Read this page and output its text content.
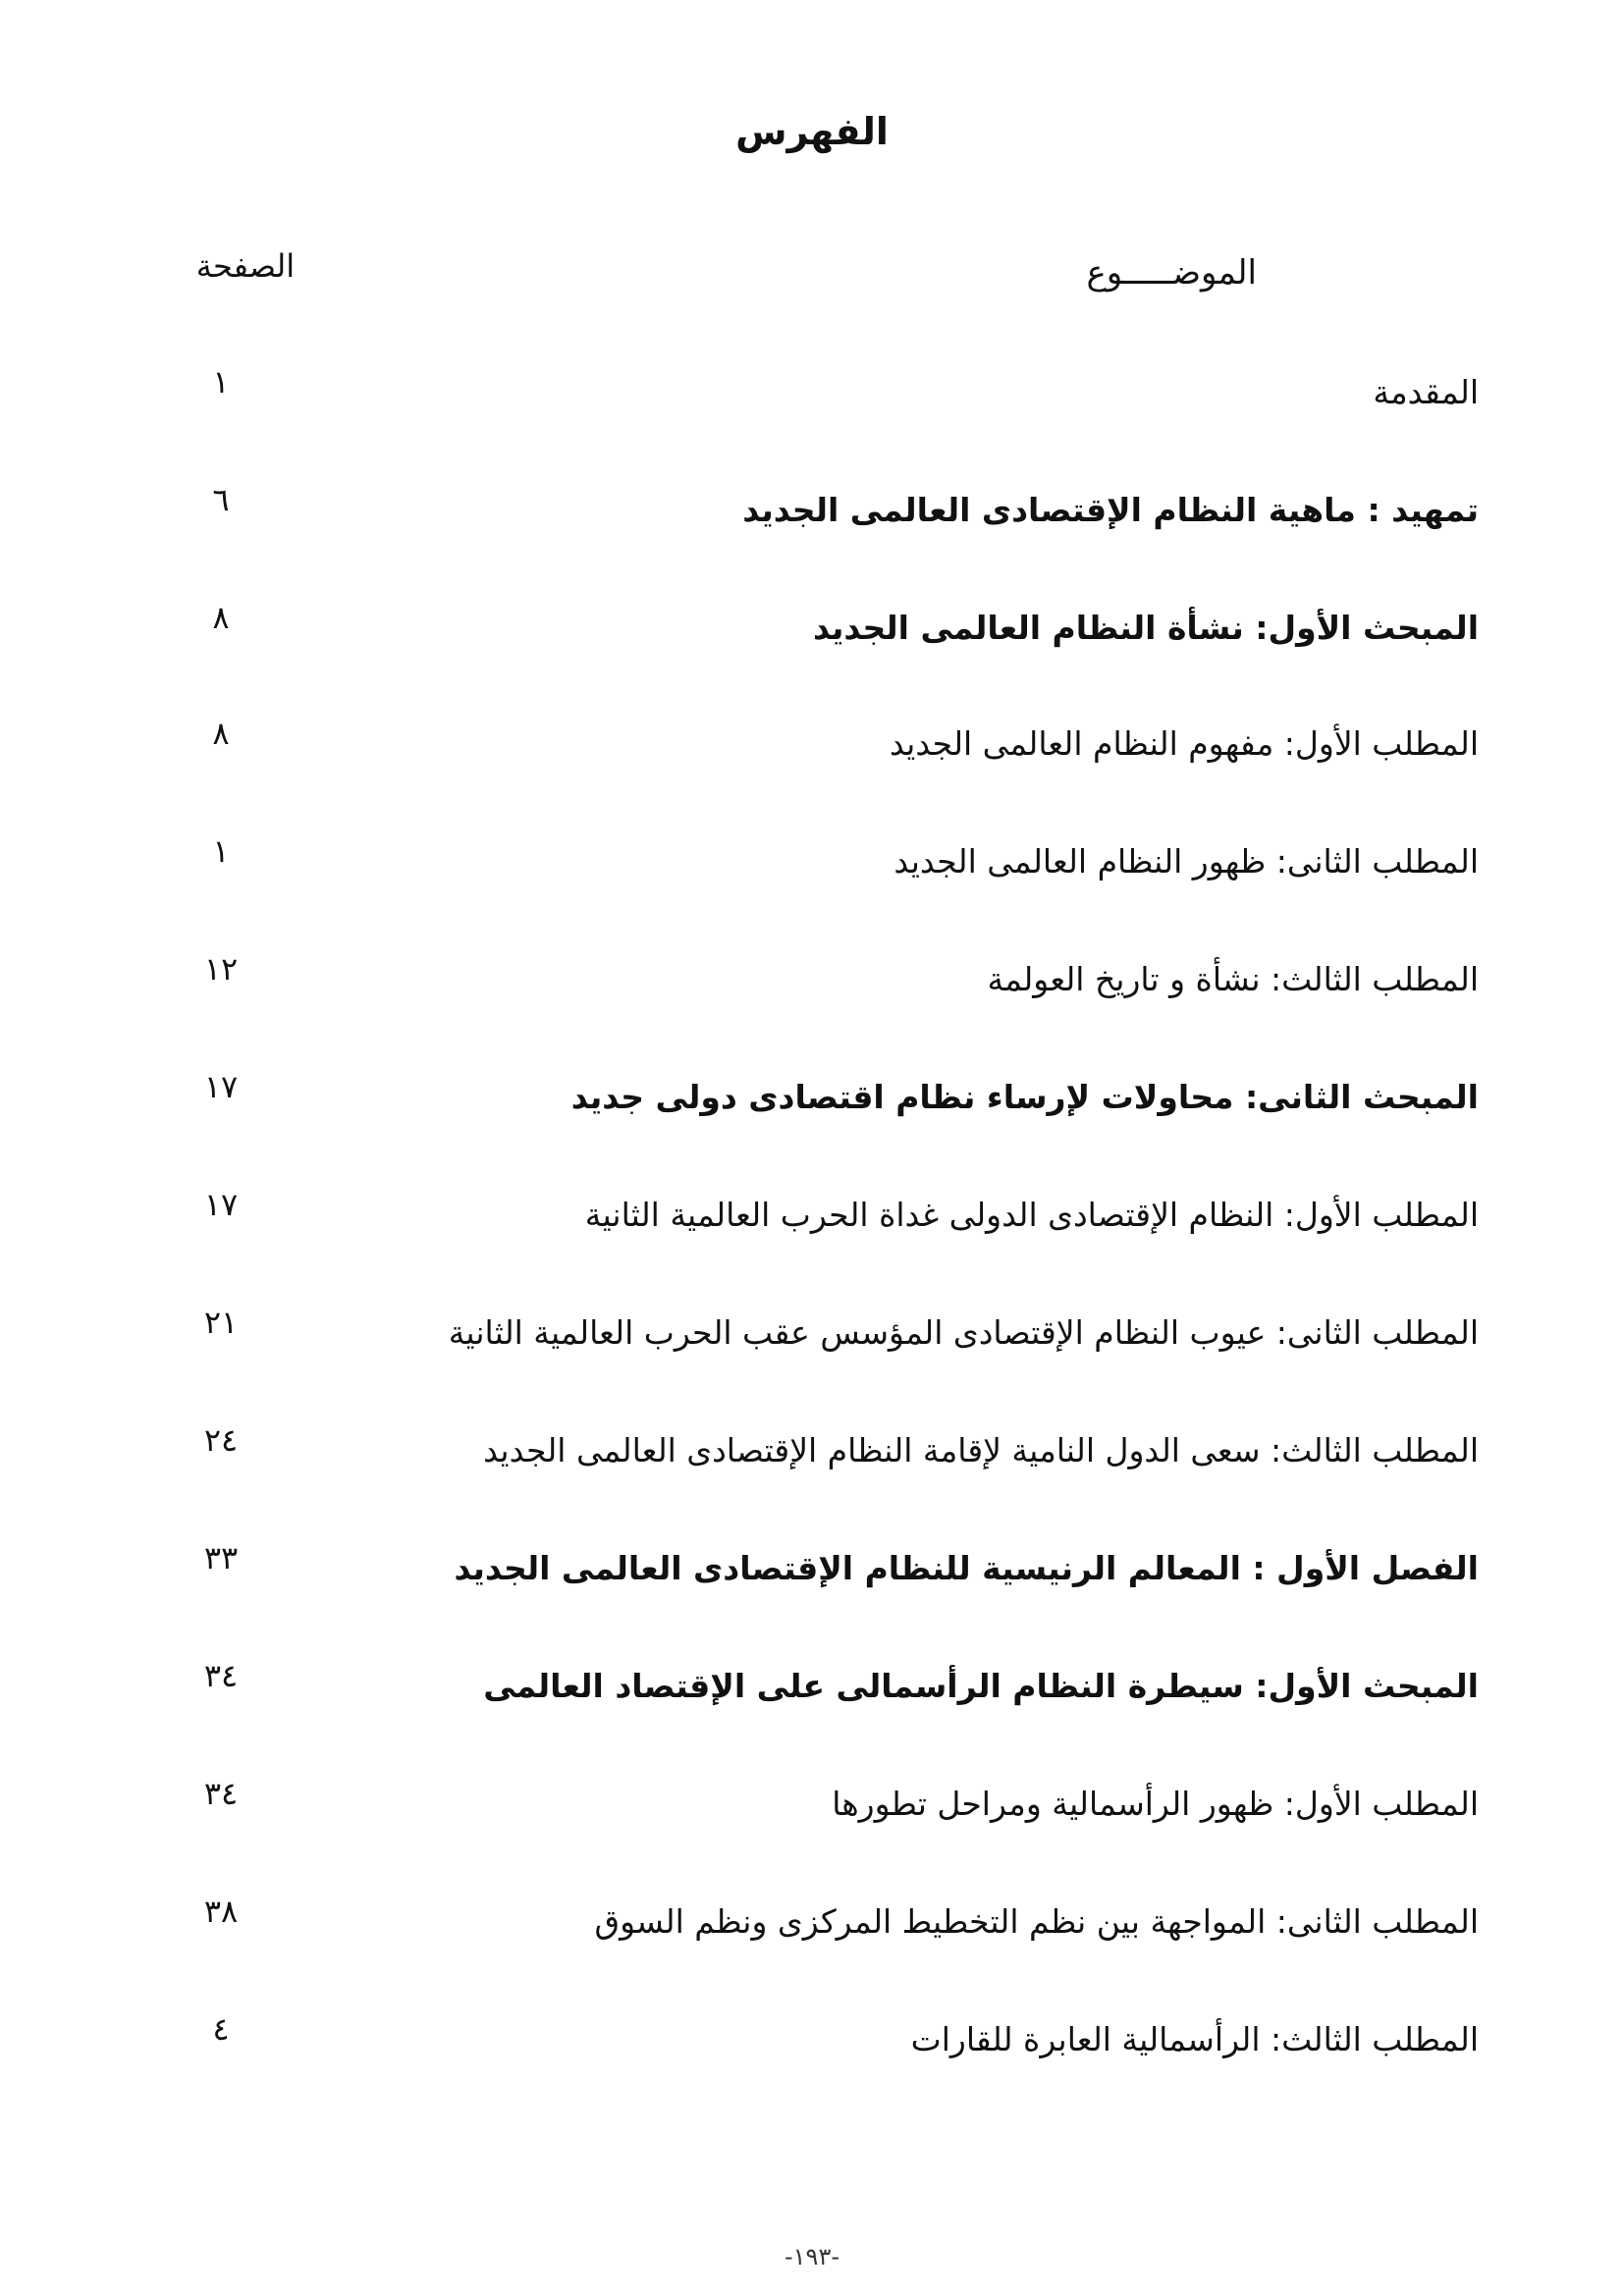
الفهرس
الموضـــــوع
الصفحة
المقدمة
١
تمهيد : ماهية النظام الإقتصادى العالمى الجديد
٦
المبحث الأول: نشأة النظام العالمى الجديد
٨
المطلب الأول: مفهوم النظام العالمى الجديد
٨
المطلب الثانى: ظهور النظام العالمى الجديد
١
المطلب الثالث: نشأة و تاريخ العولمة
١٢
المبحث الثانى: محاولات لإرساء نظام اقتصادى دولى جديد
١٧
المطلب الأول: النظام الإقتصادى الدولى غداة الحرب العالمية الثانية
١٧
المطلب الثانى: عيوب النظام الإقتصادى المؤسس عقب الحرب العالمية الثانية
٢١
المطلب الثالث: سعى الدول النامية لإقامة النظام الإقتصادى العالمى الجديد
٢٤
الفصل الأول : المعالم الرنيسية للنظام الإقتصادى العالمى الجديد
٣٣
المبحث الأول: سيطرة النظام الرأسمالى على الإقتصاد العالمى
٣٤
المطلب الأول: ظهور الرأسمالية ومراحل تطورها
٣٤
المطلب الثانى: المواجهة بين نظم التخطيط المركزى ونظم السوق
٣٨
المطلب الثالث: الرأسمالية العابرة للقارات
٤
-١٩٣-
